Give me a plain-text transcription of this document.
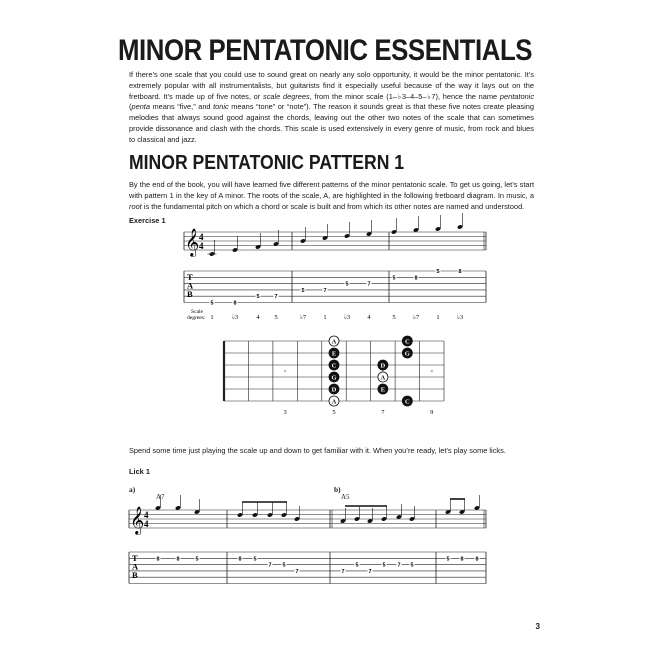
MINOR PENTATONIC ESSENTIALS
If there’s one scale that you could use to sound great on nearly any solo opportunity, it would be the minor pentatonic. It’s extremely popular with all instrumentalists, but guitarists find it especially useful because of the way it lays out on the fretboard. It’s made up of five notes, or scale degrees, from the minor scale (1–♭3–4–5–♭7), hence the name pentatonic (penta means “five,” and tonic means “tone” or “note”). The reason it sounds great is that these five notes create pleasing melodies that always sound good against the chords, leaving out the other two notes of the scale that can sometimes provide dissonance and clash with the chords. This scale is used extensively in every genre of music, from rock and blues to classical and jazz.
MINOR PENTATONIC PATTERN 1
By the end of the book, you will have learned five different patterns of the minor pentatonic scale. To get us going, let’s start with pattern 1 in the key of A minor. The roots of the scale, A, are highlighted in the following fretboard diagram. In music, a root is the fundamental pitch on which a chord or scale is built and from which its other notes are named and understood.
Exercise 1
𝄞 4
4
T
A
B
5	8
5	7
5	7
5	7
5	8
5	8
Scale
degrees: 1	♭3	4 5	♭7	1	♭3	4	5	♭7	1	♭3
3	5	7	9
A
E
C
G
D
A
C
G
D
A
E
C
𝄞 4
4
T
A
B
8	8	5	8 5
7 5
7	7
5
7
5 7 5
5 8 8
Spend some time just playing the scale up and down to get familiar with it. When you’re ready, let’s play some licks.
Lick 1
a)
A7
b)
A5
3
